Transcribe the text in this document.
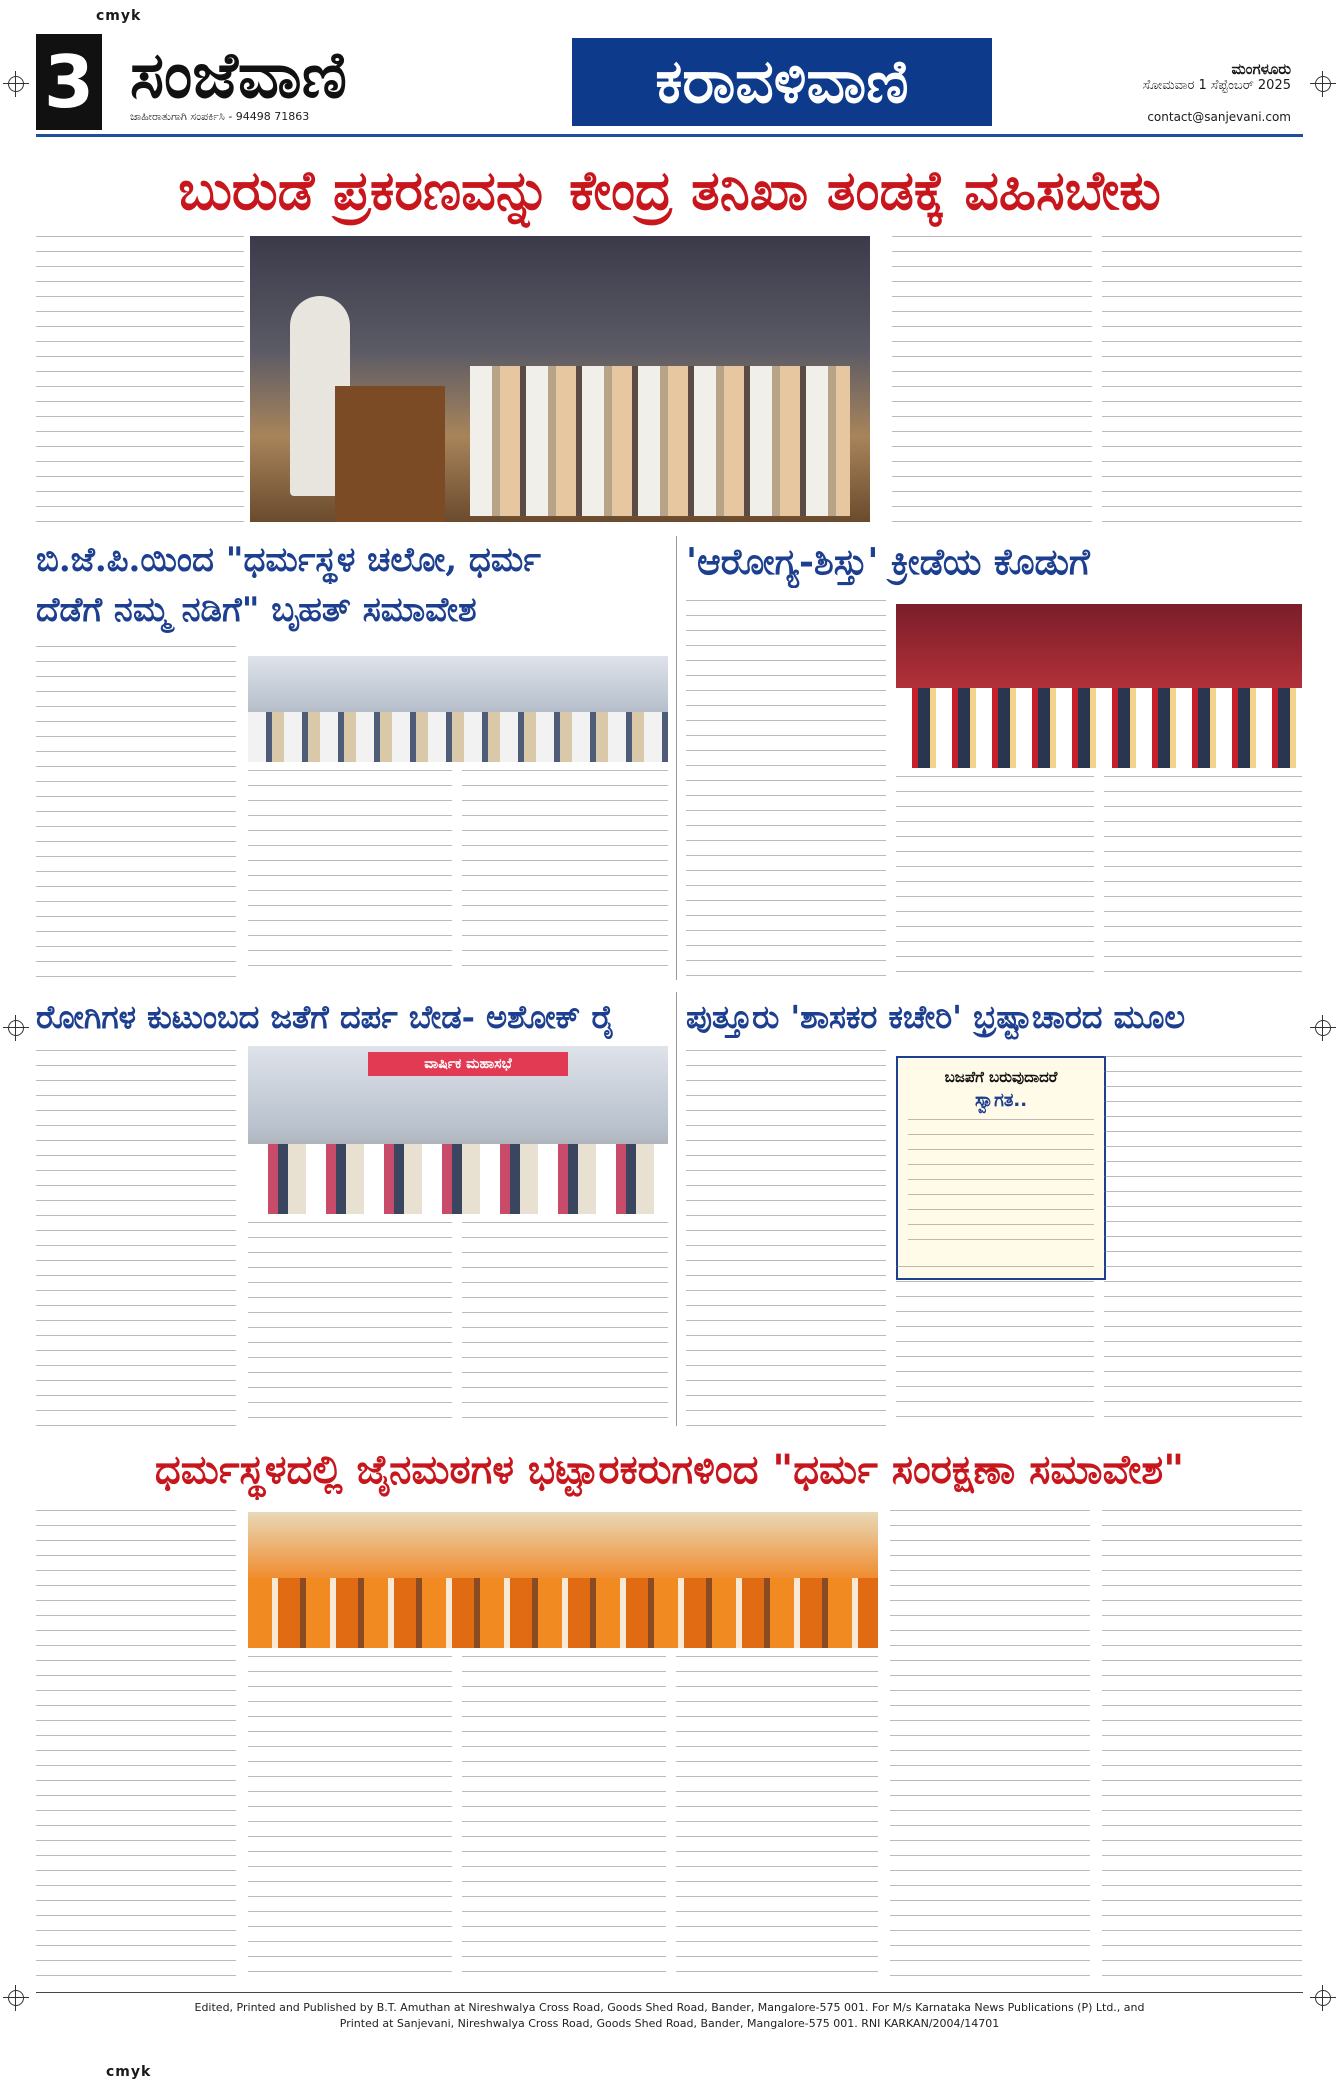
cmyk
3 ಸಂಜೆವಾಣಿ
ಜಾಹೀರಾತುಗಾಗಿ ಸಂಪರ್ಕಿಸಿ - 94498 71863	ಕರಾವಳಿವಾಣಿ	ಮಂಗಳೂರು
ಸೋಮವಾರ 1 ಸೆಪ್ಟೆಂಬರ್ 2025
contact@sanjevani.com
ಬುರುಡೆ ಪ್ರಕರಣವನ್ನು ಕೇಂದ್ರ ತನಿಖಾ ತಂಡಕ್ಕೆ ವಹಿಸಬೇಕು
ಬಿ.ಜೆ.ಪಿ.ಯಿಂದ "ಧರ್ಮಸ್ಥಳ ಚಲೋ, ಧರ್ಮ
ದೆಡೆಗೆ ನಮ್ಮ ನಡಿಗೆ" ಬೃಹತ್ ಸಮಾವೇಶ
'ಆರೋಗ್ಯ-ಶಿಸ್ತು' ಕ್ರೀಡೆಯ ಕೊಡುಗೆ
ರೋಗಿಗಳ ಕುಟುಂಬದ ಜತೆಗೆ ದರ್ಪ ಬೇಡ- ಅಶೋಕ್ ರೈ	ಪುತ್ತೂರು 'ಶಾಸಕರ ಕಚೇರಿ' ಭ್ರಷ್ಟಾಚಾರದ ಮೂಲ
ವಾರ್ಷಿಕ ಮಹಾಸಭೆ
ಬಜಪೆಗೆ ಬರುವುದಾದರೆ
ಸ್ವಾಗತ..
ಧರ್ಮಸ್ಥಳದಲ್ಲಿ ಜೈನಮಠಗಳ ಭಟ್ಟಾರಕರುಗಳಿಂದ "ಧರ್ಮ ಸಂರಕ್ಷಣಾ ಸಮಾವೇಶ"
Edited, Printed and Published by B.T. Amuthan at Nireshwalya Cross Road, Goods Shed Road, Bander, Mangalore-575 001. For M/s Karnataka News Publications (P) Ltd., and
Printed at Sanjevani, Nireshwalya Cross Road, Goods Shed Road, Bander, Mangalore-575 001. RNI KARKAN/2004/14701
cmyk
